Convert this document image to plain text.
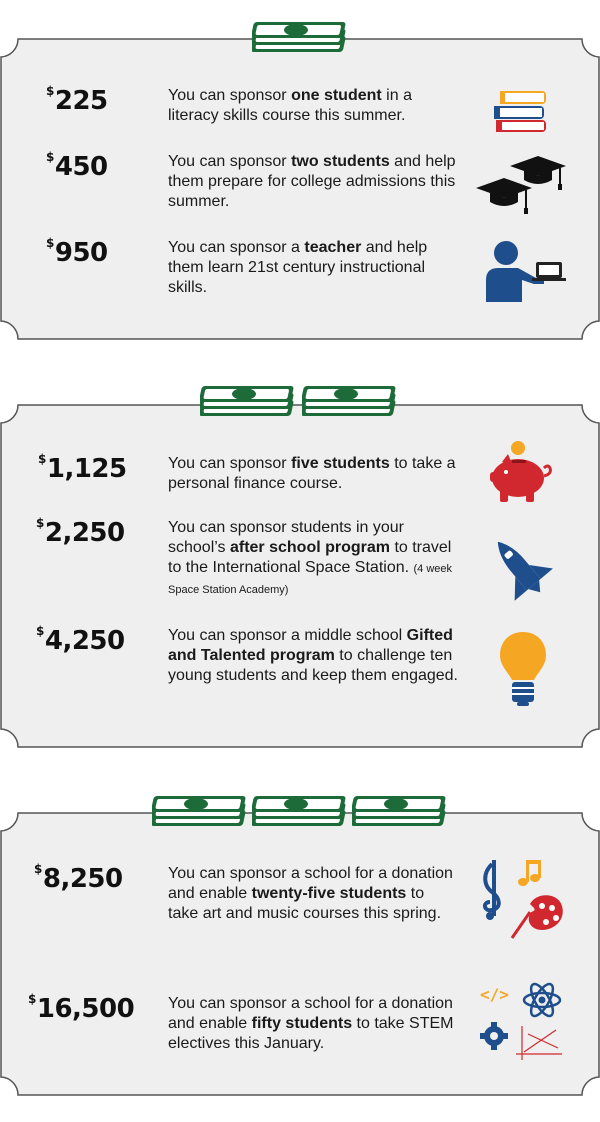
$225	You can sponsor one student in a literacy skills course this summer.
$450	You can sponsor two students and help them prepare for college admissions this summer.
$950	You can sponsor a teacher and help them learn 21st century instructional skills.
$1,125	You can sponsor five students to take a personal finance course.
$2,250	You can sponsor students in your school’s after school program to travel to the International Space Station. (4 week Space Station Academy)
$4,250	You can sponsor a middle school Gifted and Talented program to challenge ten young students and keep them engaged.
$8,250	You can sponsor a school for a donation and enable twenty-five students to take art and music courses this spring.
$16,500 You can sponsor a school for a donation and enable fifty students to take STEM electives this January.
</>
